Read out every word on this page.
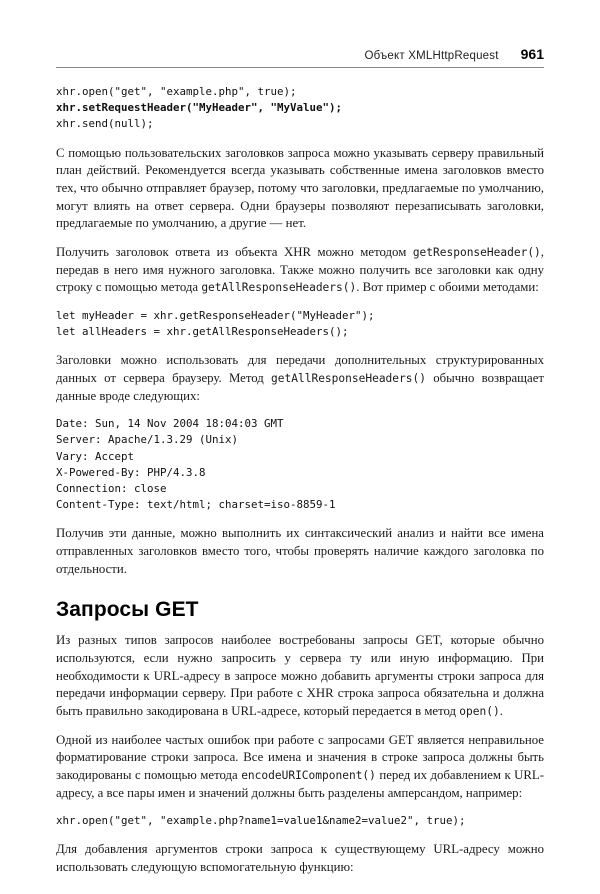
Объект XMLHttpRequest 961
xhr.open("get", "example.php", true);
xhr.setRequestHeader("MyHeader", "MyValue");
xhr.send(null);

С помощью пользовательских заголовков запроса можно указывать серверу правильный план действий. Рекомендуется всегда указывать собственные имена заголовков вместо тех, что обычно отправляет браузер, потому что заголовки, предлагаемые по умолчанию, могут влиять на ответ сервера. Одни браузеры позволяют перезаписывать заголовки, предлагаемые по умолчанию, а другие — нет.

Получить заголовок ответа из объекта XHR можно методом getResponseHeader(), передав в него имя нужного заголовка. Также можно получить все заголовки как одну строку с помощью метода getAllResponseHeaders(). Вот пример с обоими методами:

let myHeader = xhr.getResponseHeader("MyHeader");
let allHeaders = xhr.getAllResponseHeaders();

Заголовки можно использовать для передачи дополнительных структурированных данных от сервера браузеру. Метод getAllResponseHeaders() обычно возвращает данные вроде следующих:

Date: Sun, 14 Nov 2004 18:04:03 GMT
Server: Apache/1.3.29 (Unix)
Vary: Accept
X-Powered-By: PHP/4.3.8
Connection: close
Content-Type: text/html; charset=iso-8859-1

Получив эти данные, можно выполнить их синтаксический анализ и найти все имена отправленных заголовков вместо того, чтобы проверять наличие каждого заголовка по отдельности.

Запросы GET

Из разных типов запросов наиболее востребованы запросы GET, которые обычно используются, если нужно запросить у сервера ту или иную информацию. При необходимости к URL-адресу в запросе можно добавить аргументы строки запроса для передачи информации серверу. При работе с XHR строка запроса обязательна и должна быть правильно закодирована в URL-адресе, который передается в метод open().

Одной из наиболее частых ошибок при работе с запросами GET является неправильное форматирование строки запроса. Все имена и значения в строке запроса должны быть закодированы с помощью метода encodeURIComponent() перед их добавлением к URL-адресу, а все пары имен и значений должны быть разделены амперсандом, например:

xhr.open("get", "example.php?name1=value1&name2=value2", true);

Для добавления аргументов строки запроса к существующему URL-адресу можно использовать следующую вспомогательную функцию:
